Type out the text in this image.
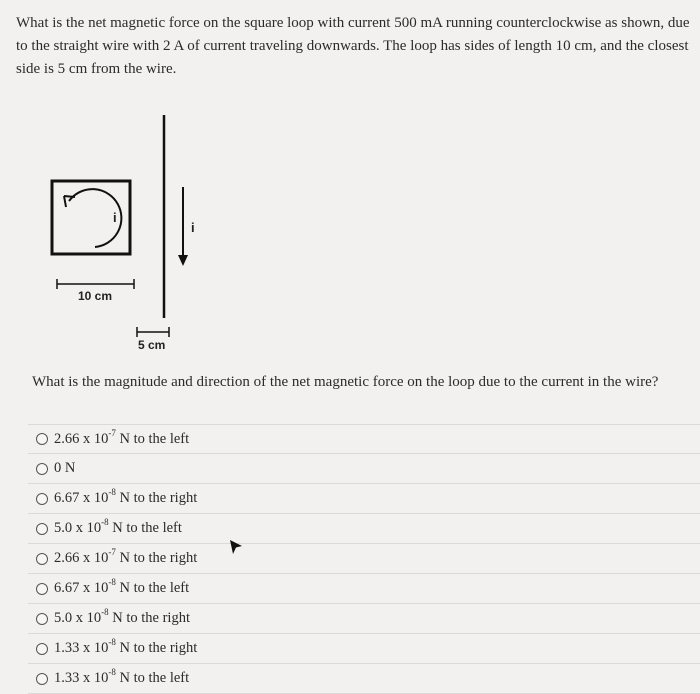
What is the net magnetic force on the square loop with current 500 mA running counterclockwise as shown, due to the straight wire with 2 A of current traveling downwards. The loop has sides of length 10 cm, and the closest side is 5 cm from the wire.

i
10 cm
i
5 cm

What is the magnitude and direction of the net magnetic force on the loop due to the current in the wire?

2.66 x $10^{-7}$ N to the left
0 N
6.67 x $10^{-8}$ N to the right
5.0 x $10^{-8}$ N to the left
2.66 x $10^{-7}$ N to the right
6.67 x $10^{-8}$ N to the left
5.0 x $10^{-8}$ N to the right
1.33 x $10^{-8}$ N to the right
1.33 x $10^{-8}$ N to the left
